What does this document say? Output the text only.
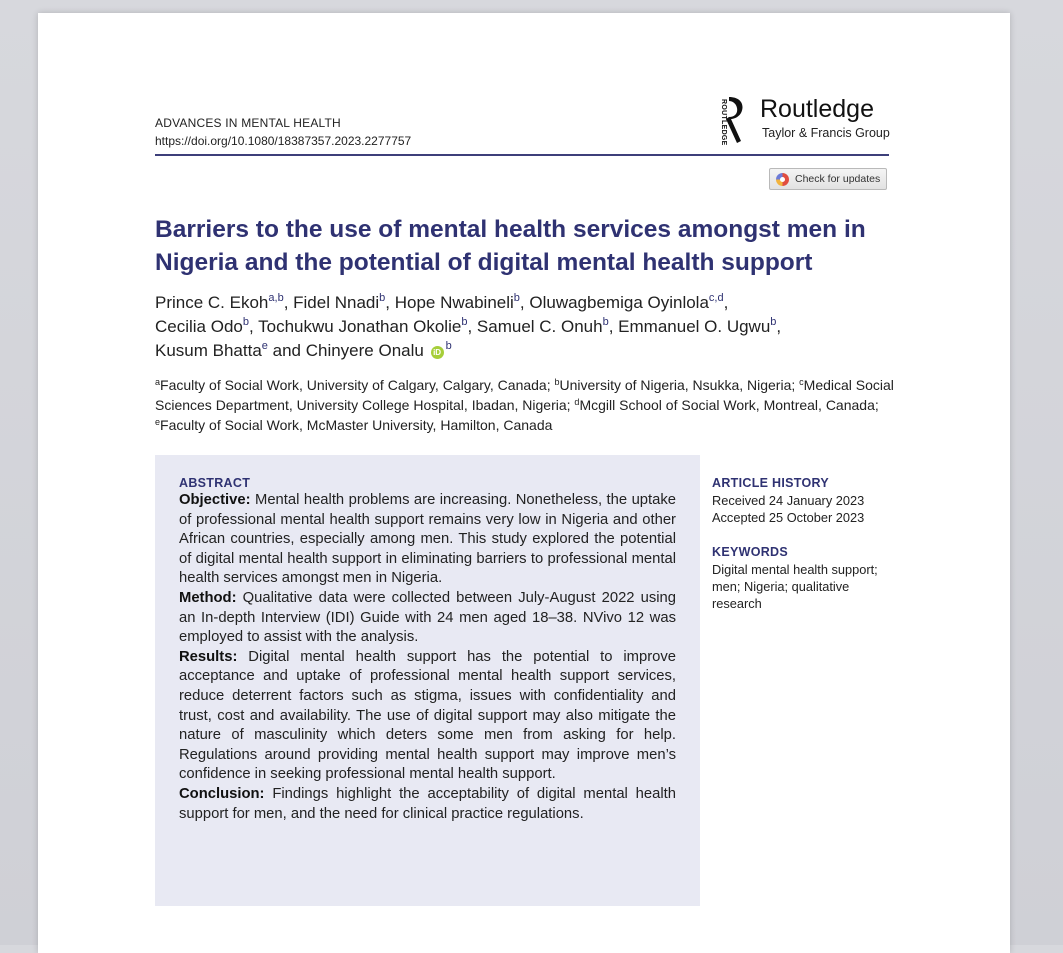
ADVANCES IN MENTAL HEALTH
https://doi.org/10.1080/18387357.2023.2277757	ROUTLEDGE Routledge
Taylor & Francis Group
Check for updates
Barriers to the use of mental health services amongst men in Nigeria and the potential of digital mental health support
Prince C. Ekoh$^{a,b}$, Fidel Nnadi$^b$, Hope Nwabineli$^b$, Oluwagbemiga Oyinlola$^{c,d}$,
Cecilia Odo$^b$, Tochukwu Jonathan Okolie$^b$, Samuel C. Onuh$^b$, Emmanuel O. Ugwu$^b$,
Kusum Bhatta$^e$ and Chinyere Onalu $iD^b$
$^a$Faculty of Social Work, University of Calgary, Calgary, Canada; $^b$University of Nigeria, Nsukka, Nigeria; $^c$Medical Social Sciences Department, University College Hospital, Ibadan, Nigeria; $^d$Mcgill School of Social Work, Montreal, Canada; $^e$Faculty of Social Work, McMaster University, Hamilton, Canada
ABSTRACT

Objective: Mental health problems are increasing. Nonetheless, the uptake of professional mental health support remains very low in Nigeria and other African countries, especially among men. This study explored the potential of digital mental health support in eliminating barriers to professional mental health services amongst men in Nigeria.

Method: Qualitative data were collected between July-August 2022 using an In-depth Interview (IDI) Guide with 24 men aged 18–38. NVivo 12 was employed to assist with the analysis.

Results: Digital mental health support has the potential to improve acceptance and uptake of professional mental health support services, reduce deterrent factors such as stigma, issues with confidentiality and trust, cost and availability. The use of digital support may also mitigate the nature of masculinity which deters some men from asking for help. Regulations around providing mental health support may improve men’s confidence in seeking professional mental health support.

Conclusion: Findings highlight the acceptability of digital mental health support for men, and the need for clinical practice regulations.

ARTICLE HISTORY
Received 24 January 2023
Accepted 25 October 2023
KEYWORDS
Digital mental health support; men; Nigeria; qualitative research
